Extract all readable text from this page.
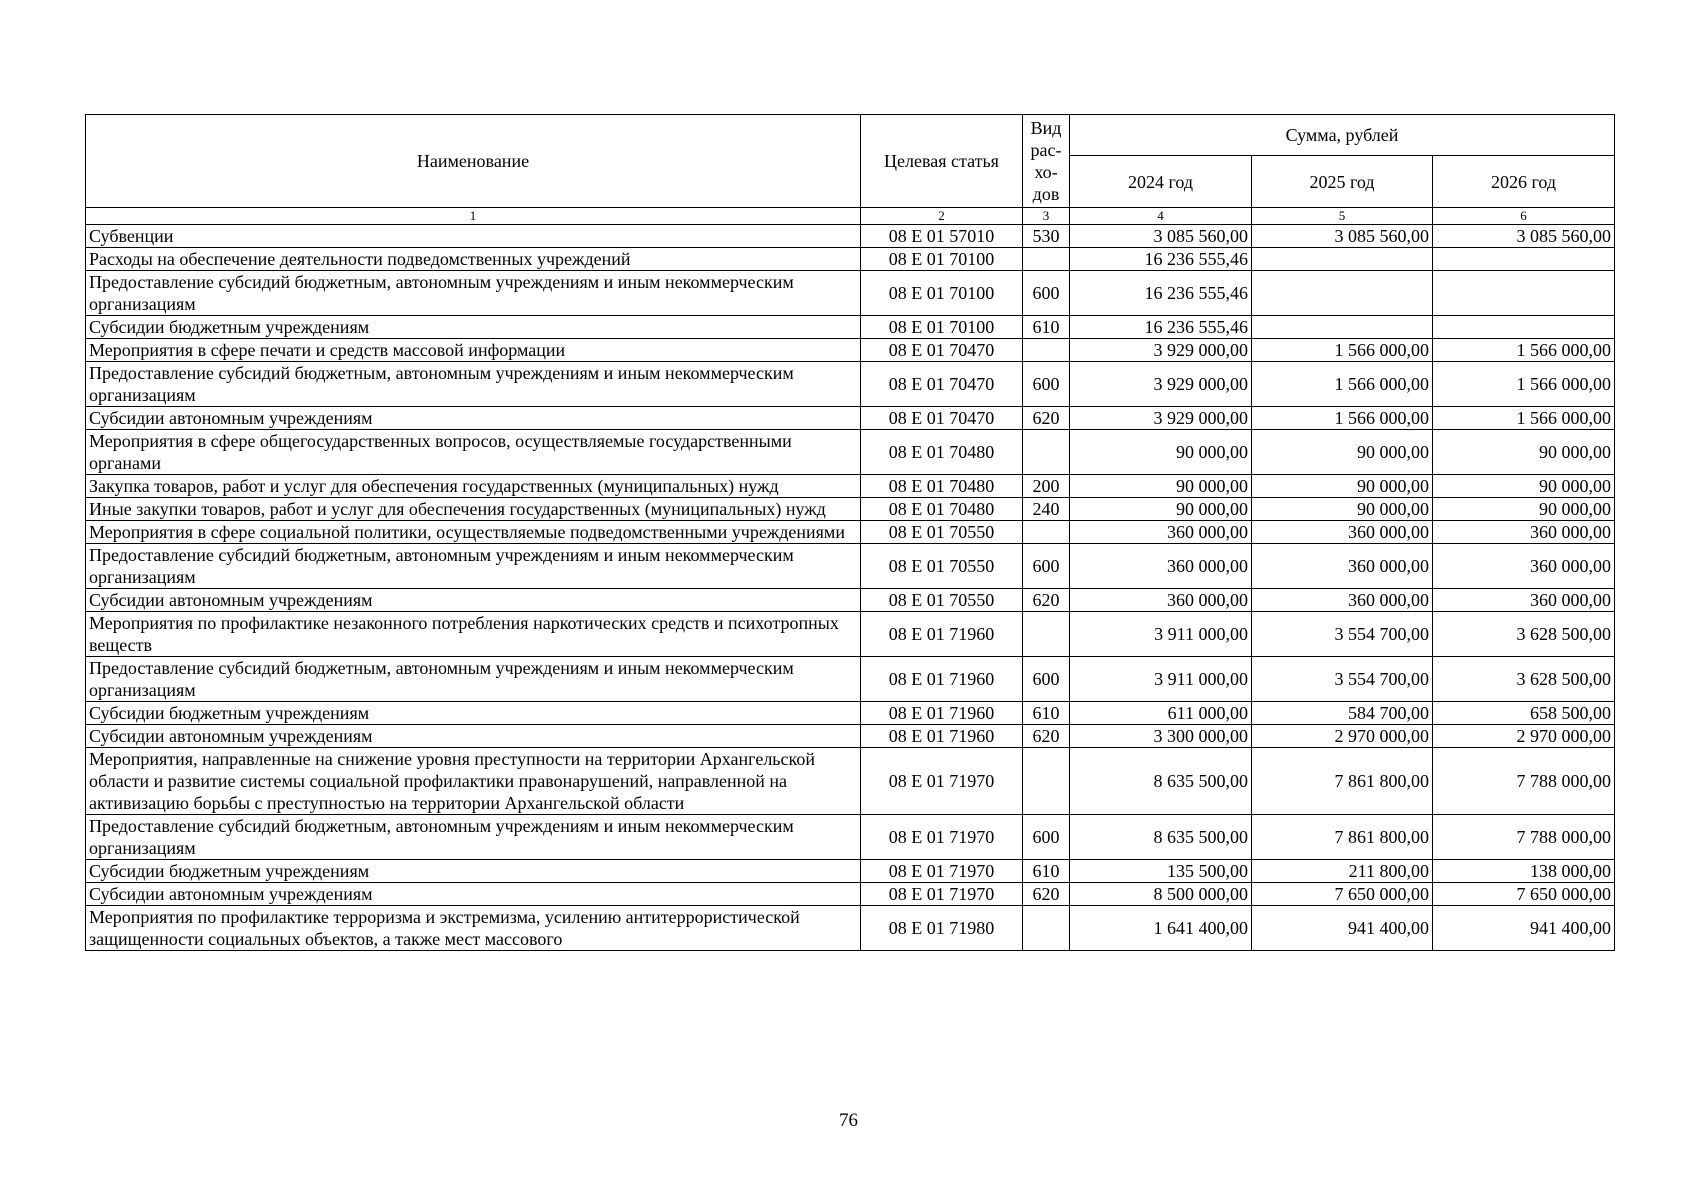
Наименование	Целевая статья	Вид рас-хо-дов	Сумма, рублей		
			2024 год	2025 год	2026 год
1	2	3	4	5	6
Субвенции	08 Е 01 57010	530	3 085 560,00	3 085 560,00	3 085 560,00
Расходы на обеспечение деятельности подведомственных учреждений	08 Е 01 70100		16 236 555,46		
Предоставление субсидий бюджетным, автономным учреждениям и иным некоммерческим организациям	08 Е 01 70100	600	16 236 555,46		
Субсидии бюджетным учреждениям	08 Е 01 70100	610	16 236 555,46		
Мероприятия в сфере печати и средств массовой информации	08 Е 01 70470		3 929 000,00	1 566 000,00	1 566 000,00
Предоставление субсидий бюджетным, автономным учреждениям и иным некоммерческим организациям	08 Е 01 70470	600	3 929 000,00	1 566 000,00	1 566 000,00
Субсидии автономным учреждениям	08 Е 01 70470	620	3 929 000,00	1 566 000,00	1 566 000,00
Мероприятия в сфере общегосударственных вопросов, осуществляемые государственными органами	08 Е 01 70480		90 000,00	90 000,00	90 000,00
Закупка товаров, работ и услуг для обеспечения государственных (муниципальных) нужд	08 Е 01 70480	200	90 000,00	90 000,00	90 000,00
Иные закупки товаров, работ и услуг для обеспечения государственных (муниципальных) нужд	08 Е 01 70480	240	90 000,00	90 000,00	90 000,00
Мероприятия в сфере социальной политики, осуществляемые подведомственными учреждениями	08 Е 01 70550		360 000,00	360 000,00	360 000,00
Предоставление субсидий бюджетным, автономным учреждениям и иным некоммерческим организациям	08 Е 01 70550	600	360 000,00	360 000,00	360 000,00
Субсидии автономным учреждениям	08 Е 01 70550	620	360 000,00	360 000,00	360 000,00
Мероприятия по профилактике незаконного потребления наркотических средств и психотропных веществ	08 Е 01 71960		3 911 000,00	3 554 700,00	3 628 500,00
Предоставление субсидий бюджетным, автономным учреждениям и иным некоммерческим организациям	08 Е 01 71960	600	3 911 000,00	3 554 700,00	3 628 500,00
Субсидии бюджетным учреждениям	08 Е 01 71960	610	611 000,00	584 700,00	658 500,00
Субсидии автономным учреждениям	08 Е 01 71960	620	3 300 000,00	2 970 000,00	2 970 000,00
Мероприятия, направленные на снижение уровня преступности на территории Архангельской области и развитие системы социальной профилактики правонарушений, направленной на активизацию борьбы с преступностью на территории Архангельской области	08 Е 01 71970		8 635 500,00	7 861 800,00	7 788 000,00
Предоставление субсидий бюджетным, автономным учреждениям и иным некоммерческим организациям	08 Е 01 71970	600	8 635 500,00	7 861 800,00	7 788 000,00
Субсидии бюджетным учреждениям	08 Е 01 71970	610	135 500,00	211 800,00	138 000,00
Субсидии автономным учреждениям	08 Е 01 71970	620	8 500 000,00	7 650 000,00	7 650 000,00
Мероприятия по профилактике терроризма и экстремизма, усилению антитеррористической защищенности социальных объектов, а также мест массового	08 Е 01 71980		1 641 400,00	941 400,00	941 400,00
76
